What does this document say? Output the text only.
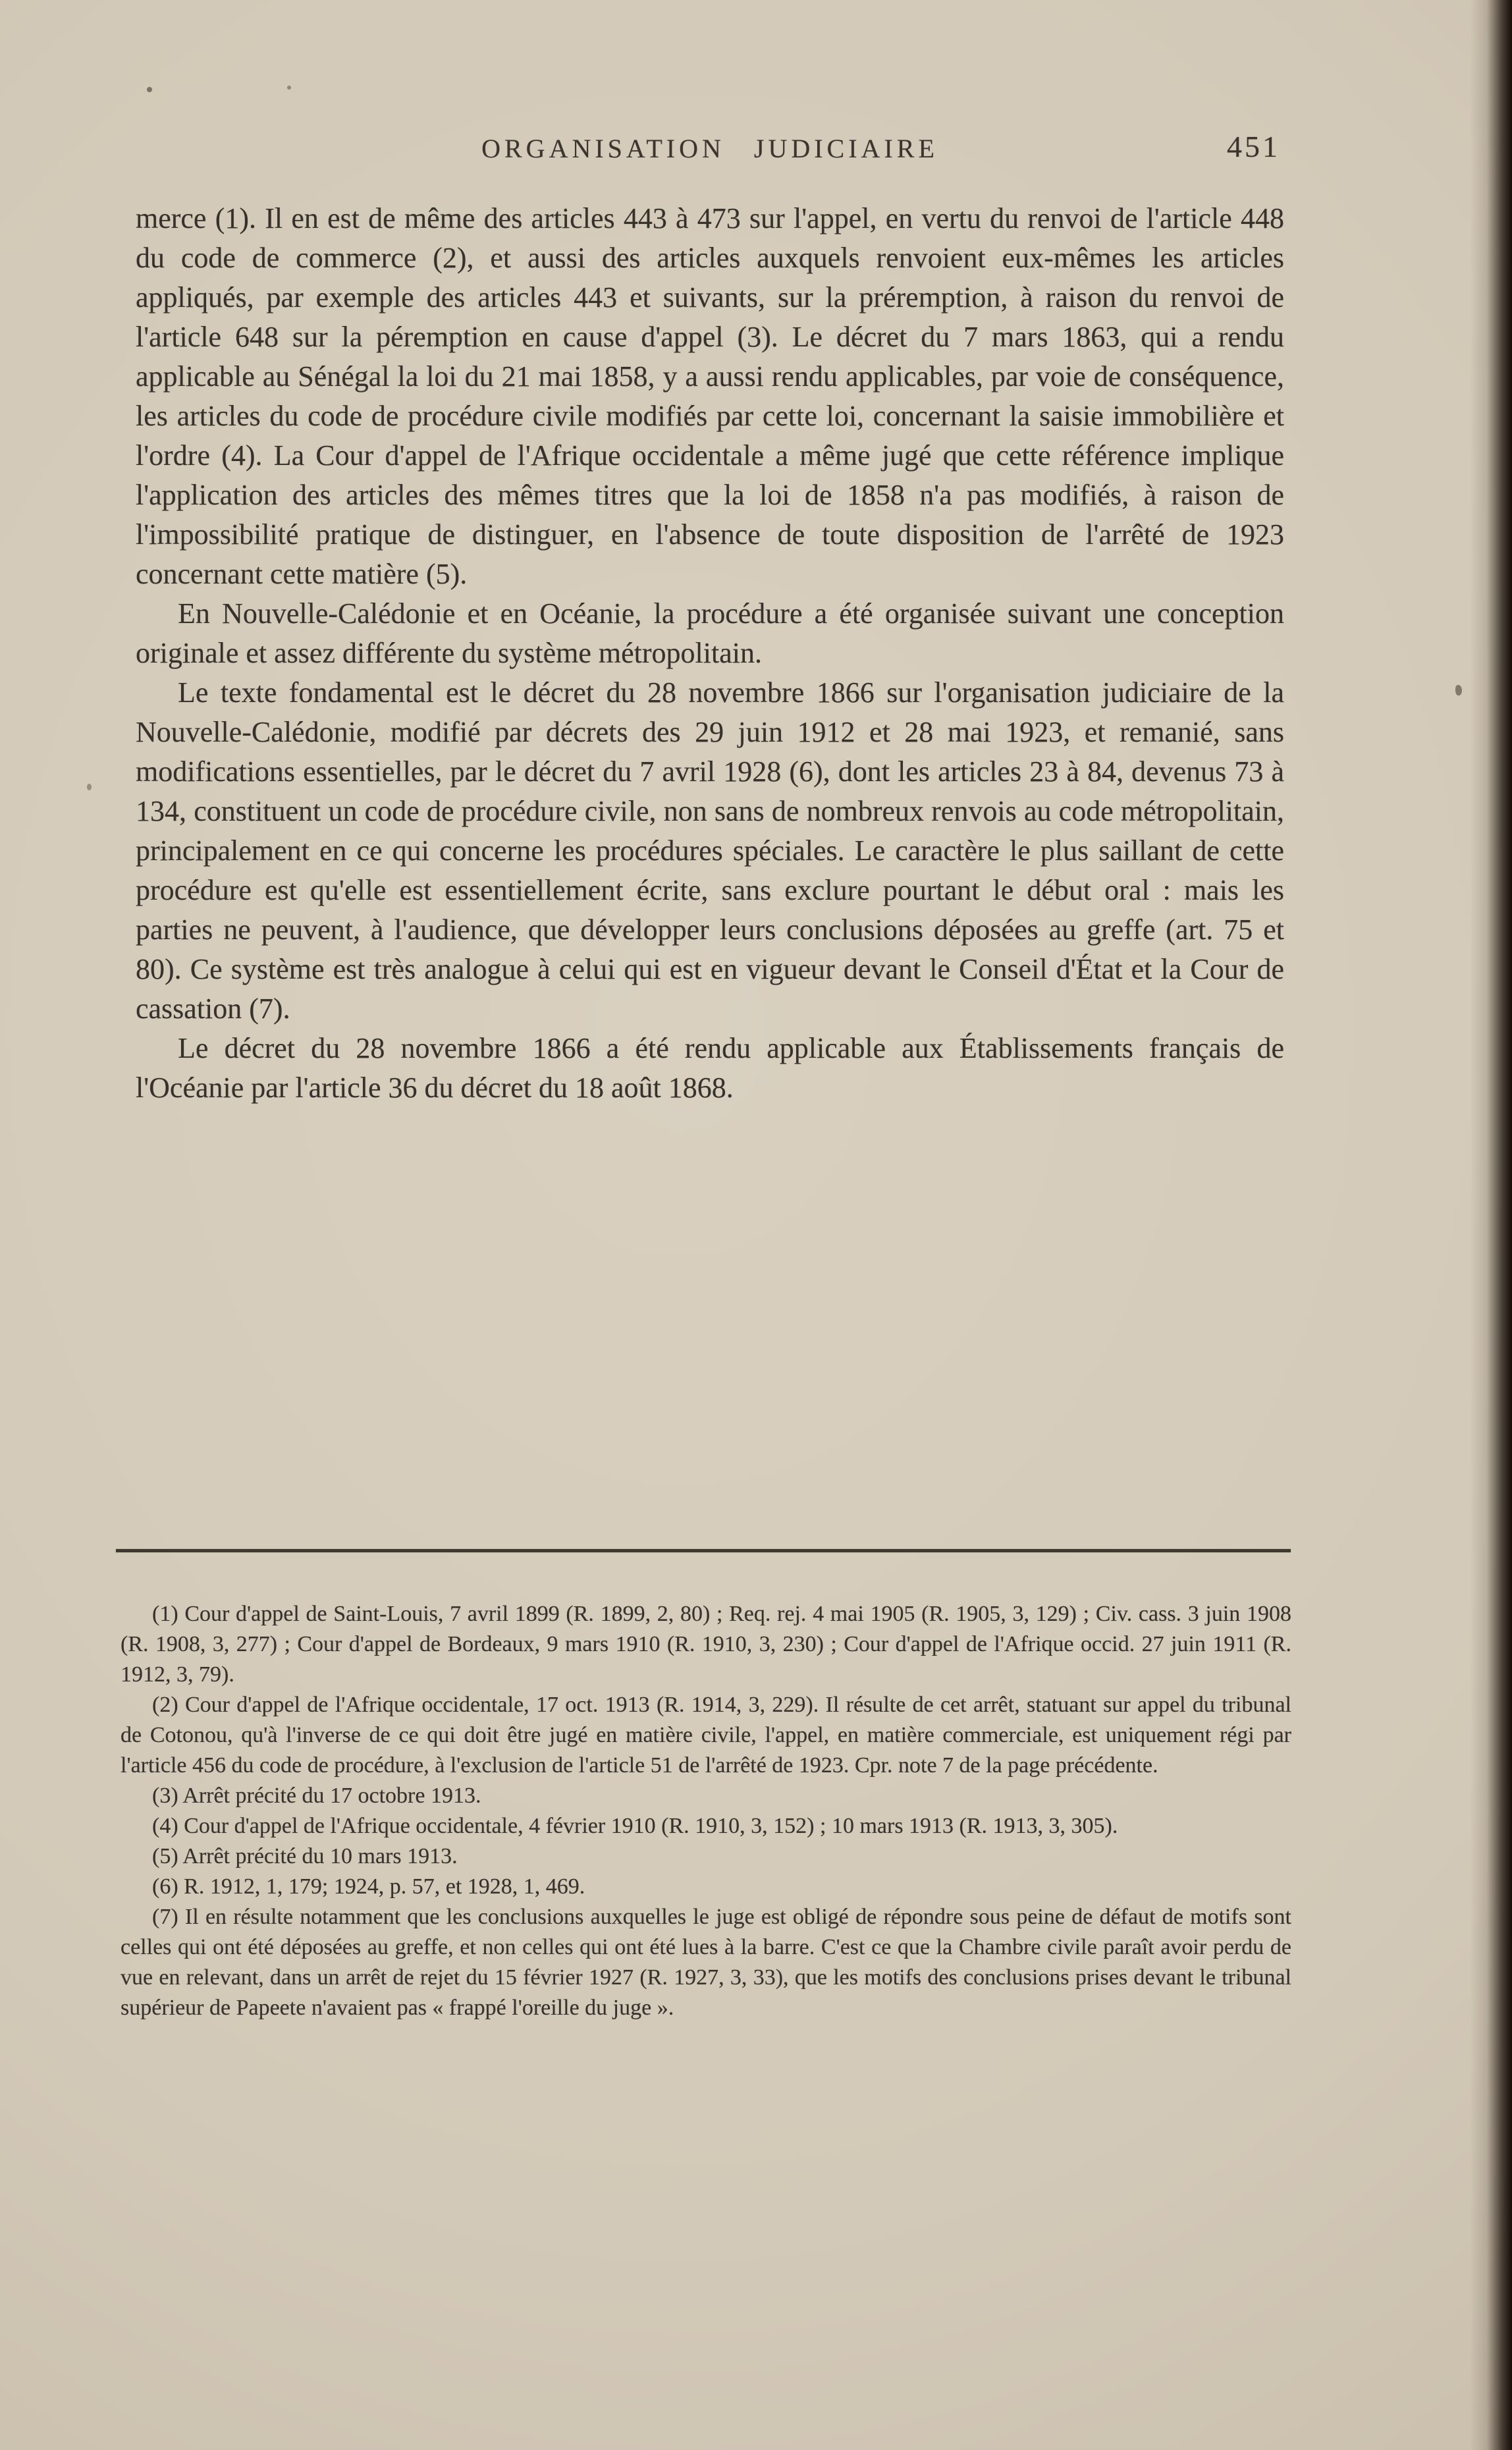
ORGANISATION JUDICIAIRE	451

merce (1). Il en est de même des articles 443 à 473 sur l'appel, en vertu du renvoi de l'article 448 du code de commerce (2), et aussi des articles auxquels renvoient eux-mêmes les articles appliqués, par exemple des articles 443 et suivants, sur la préremption, à raison du renvoi de l'article 648 sur la péremption en cause d'appel (3). Le décret du 7 mars 1863, qui a rendu applicable au Sénégal la loi du 21 mai 1858, y a aussi rendu applicables, par voie de conséquence, les articles du code de procédure civile modifiés par cette loi, concernant la saisie immobilière et l'ordre (4). La Cour d'appel de l'Afrique occidentale a même jugé que cette référence implique l'application des articles des mêmes titres que la loi de 1858 n'a pas modifiés, à raison de l'impossibilité pratique de distinguer, en l'absence de toute disposition de l'arrêté de 1923 concernant cette matière (5).

En Nouvelle-Calédonie et en Océanie, la procédure a été organisée suivant une conception originale et assez différente du système métropolitain.

Le texte fondamental est le décret du 28 novembre 1866 sur l'organisation judiciaire de la Nouvelle-Calédonie, modifié par décrets des 29 juin 1912 et 28 mai 1923, et remanié, sans modifications essentielles, par le décret du 7 avril 1928 (6), dont les articles 23 à 84, devenus 73 à 134, constituent un code de procédure civile, non sans de nombreux renvois au code métropolitain, principalement en ce qui concerne les procédures spéciales. Le caractère le plus saillant de cette procédure est qu'elle est essentiellement écrite, sans exclure pourtant le début oral : mais les parties ne peuvent, à l'audience, que développer leurs conclusions déposées au greffe (art. 75 et 80). Ce système est très analogue à celui qui est en vigueur devant le Conseil d'État et la Cour de cassation (7).

Le décret du 28 novembre 1866 a été rendu applicable aux Établissements français de l'Océanie par l'article 36 du décret du 18 août 1868.

(1) Cour d'appel de Saint-Louis, 7 avril 1899 (R. 1899, 2, 80) ; Req. rej. 4 mai 1905 (R. 1905, 3, 129) ; Civ. cass. 3 juin 1908 (R. 1908, 3, 277) ; Cour d'appel de Bordeaux, 9 mars 1910 (R. 1910, 3, 230) ; Cour d'appel de l'Afrique occid. 27 juin 1911 (R. 1912, 3, 79).

(2) Cour d'appel de l'Afrique occidentale, 17 oct. 1913 (R. 1914, 3, 229). Il résulte de cet arrêt, statuant sur appel du tribunal de Cotonou, qu'à l'inverse de ce qui doit être jugé en matière civile, l'appel, en matière commerciale, est uniquement régi par l'article 456 du code de procédure, à l'exclusion de l'article 51 de l'arrêté de 1923. Cpr. note 7 de la page précédente.

(3) Arrêt précité du 17 octobre 1913.

(4) Cour d'appel de l'Afrique occidentale, 4 février 1910 (R. 1910, 3, 152) ; 10 mars 1913 (R. 1913, 3, 305).

(5) Arrêt précité du 10 mars 1913.

(6) R. 1912, 1, 179; 1924, p. 57, et 1928, 1, 469.

(7) Il en résulte notamment que les conclusions auxquelles le juge est obligé de répondre sous peine de défaut de motifs sont celles qui ont été déposées au greffe, et non celles qui ont été lues à la barre. C'est ce que la Chambre civile paraît avoir perdu de vue en relevant, dans un arrêt de rejet du 15 février 1927 (R. 1927, 3, 33), que les motifs des conclusions prises devant le tribunal supérieur de Papeete n'avaient pas « frappé l'oreille du juge ».
